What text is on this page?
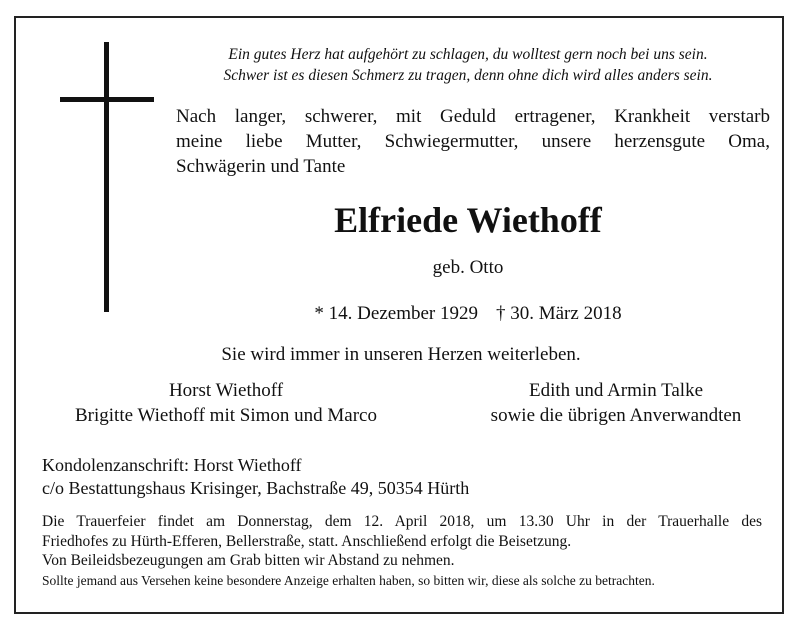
Ein gutes Herz hat aufgehört zu schlagen, du wolltest gern noch bei uns sein.
Schwer ist es diesen Schmerz zu tragen, denn ohne dich wird alles anders sein.
Nach langer, schwerer, mit Geduld ertragener, Krankheit verstarb
meine liebe Mutter, Schwiegermutter, unsere herzensgute Oma,
Schwägerin und Tante
Elfriede Wiethoff
geb. Otto
* 14. Dezember 1929 † 30. März 2018
Sie wird immer in unseren Herzen weiterleben.
Horst Wiethoff
Brigitte Wiethoff mit Simon und Marco
Edith und Armin Talke
sowie die übrigen Anverwandten
Kondolenzanschrift: Horst Wiethoff
c/o Bestattungshaus Krisinger, Bachstraße 49, 50354 Hürth
Die Trauerfeier findet am Donnerstag, dem 12. April 2018, um 13.30 Uhr in der Trauerhalle des
Friedhofes zu Hürth-Efferen, Bellerstraße, statt. Anschließend erfolgt die Beisetzung.
Von Beileidsbezeugungen am Grab bitten wir Abstand zu nehmen.
Sollte jemand aus Versehen keine besondere Anzeige erhalten haben, so bitten wir, diese als solche zu betrachten.
